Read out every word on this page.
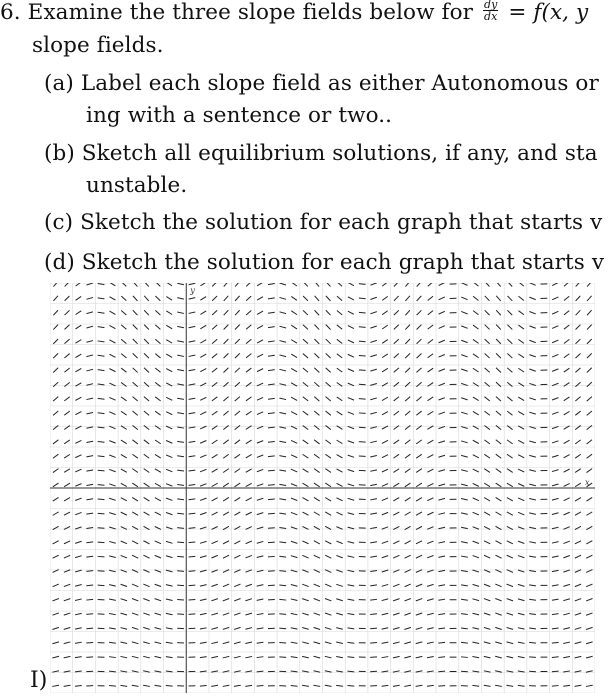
6. Examine the three slope fields below for $\frac{dy}{dx} = f(x$, y
slope fields.
(a) Label each slope field as either Autonomous or
ing with a sentence or two..
(b) Sketch all equilibrium solutions, if any, and sta
unstable.
(c) Sketch the solution for each graph that starts v
(d) Sketch the solution for each graph that starts v
x
y
I)
